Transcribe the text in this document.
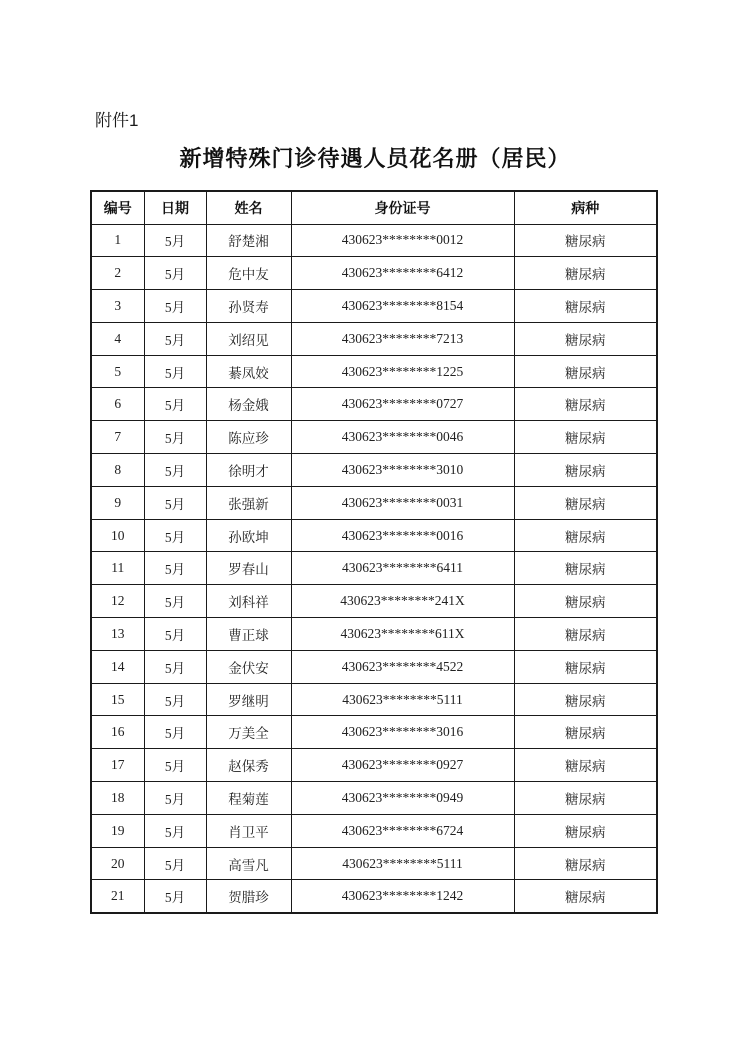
附件1
新增特殊门诊待遇人员花名册（居民）
编号	日期	姓名	身份证号	病种
1	5月	舒楚湘	430623********0012	糖尿病
2	5月	危中友	430623********6412	糖尿病
3	5月	孙贤寿	430623********8154	糖尿病
4	5月	刘绍见	430623********7213	糖尿病
5	5月	綦凤姣	430623********1225	糖尿病
6	5月	杨金娥	430623********0727	糖尿病
7	5月	陈应珍	430623********0046	糖尿病
8	5月	徐明才	430623********3010	糖尿病
9	5月	张强新	430623********0031	糖尿病
10	5月	孙欧坤	430623********0016	糖尿病
11	5月	罗春山	430623********6411	糖尿病
12	5月	刘科祥	430623********241X	糖尿病
13	5月	曹正球	430623********611X	糖尿病
14	5月	金伏安	430623********4522	糖尿病
15	5月	罗继明	430623********5111	糖尿病
16	5月	万美全	430623********3016	糖尿病
17	5月	赵保秀	430623********0927	糖尿病
18	5月	程菊莲	430623********0949	糖尿病
19	5月	肖卫平	430623********6724	糖尿病
20	5月	高雪凡	430623********5111	糖尿病
21	5月	贺腊珍	430623********1242	糖尿病
